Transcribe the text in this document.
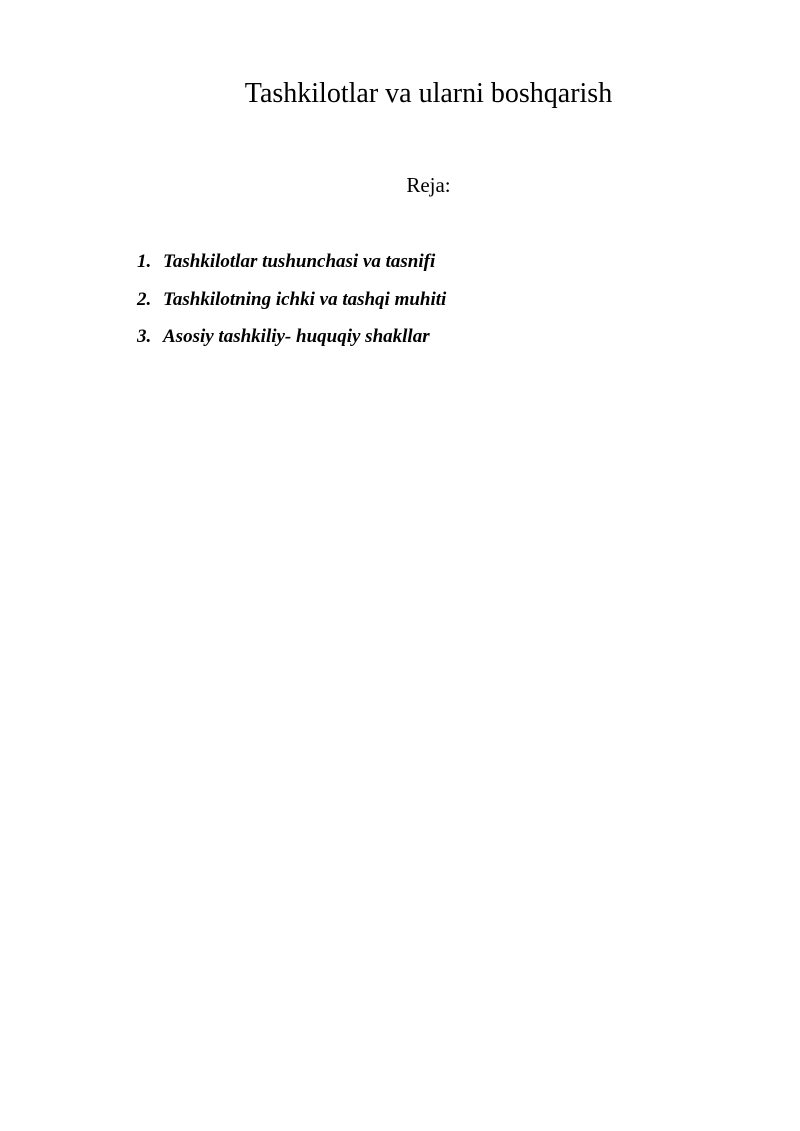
Tashkilotlar va ularni boshqarish

Reja:

1. Tashkilotlar tushunchasi va tasnifi
2. Tashkilotning ichki va tashqi muhiti
3. Asosiy tashkiliy- huquqiy shakllar
